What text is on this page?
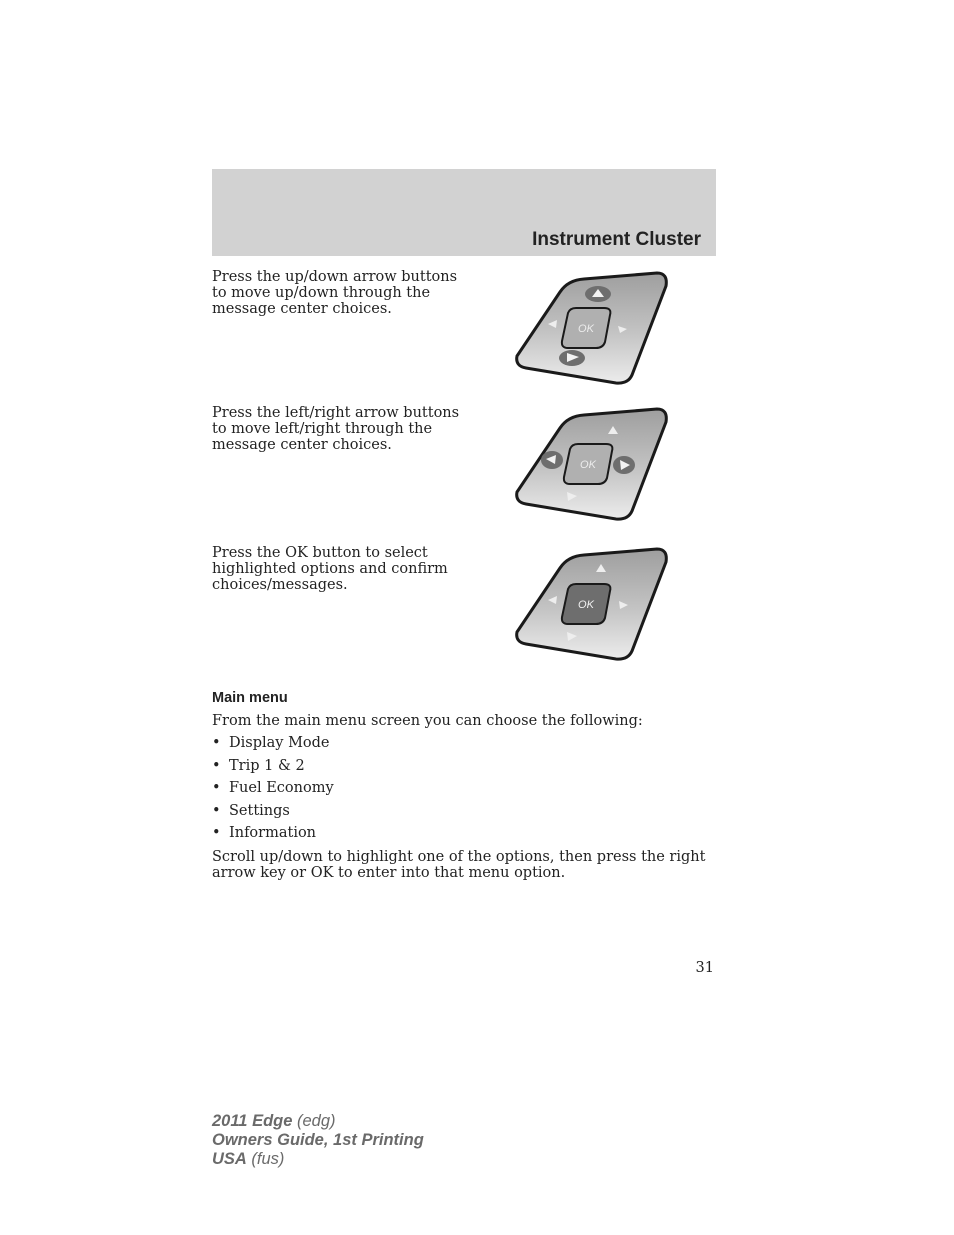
Instrument Cluster
Press the up/down arrow buttons to move up/down through the message center choices.
OK
Press the left/right arrow buttons to move left/right through the message center choices.
OK
Press the OK button to select highlighted options and confirm choices/messages.
OK
Main menu
From the main menu screen you can choose the following:
• Display Mode
• Trip 1 & 2
• Fuel Economy
• Settings
• Information
Scroll up/down to highlight one of the options, then press the right arrow key or OK to enter into that menu option.
31
2011 Edge (edg)
Owners Guide, 1st Printing
USA (fus)
